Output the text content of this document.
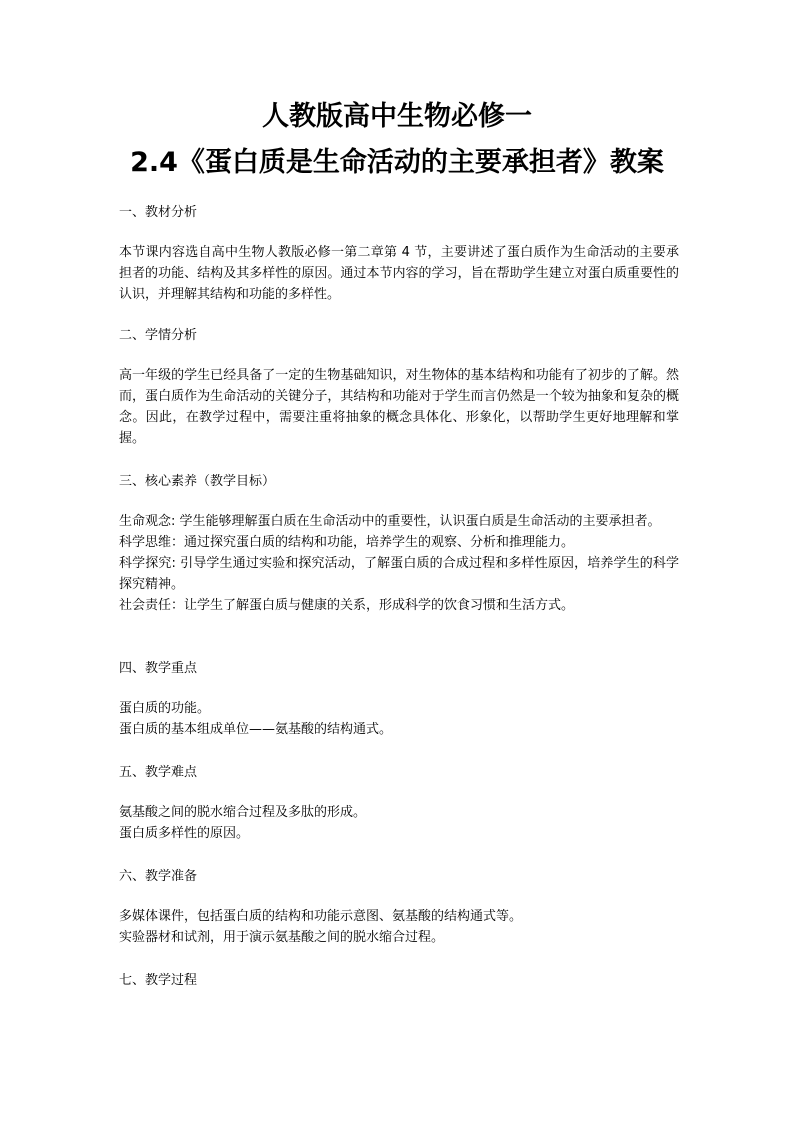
人教版高中生物必修一
2.4《蛋白质是生命活动的主要承担者》教案
一、教材分析

本节课内容选自高中生物人教版必修一第二章第 4 节，主要讲述了蛋白质作为生命活动的主要承担者的功能、结构及其多样性的原因。通过本节内容的学习，旨在帮助学生建立对蛋白质重要性的认识，并理解其结构和功能的多样性。

二、学情分析

高一年级的学生已经具备了一定的生物基础知识，对生物体的基本结构和功能有了初步的了解。然而，蛋白质作为生命活动的关键分子，其结构和功能对于学生而言仍然是一个较为抽象和复杂的概念。因此，在教学过程中，需要注重将抽象的概念具体化、形象化，以帮助学生更好地理解和掌握。

三、核心素养（教学目标）

生命观念: 学生能够理解蛋白质在生命活动中的重要性，认识蛋白质是生命活动的主要承担者。

科学思维：通过探究蛋白质的结构和功能，培养学生的观察、分析和推理能力。

科学探究: 引导学生通过实验和探究活动，了解蛋白质的合成过程和多样性原因，培养学生的科学探究精神。

社会责任：让学生了解蛋白质与健康的关系，形成科学的饮食习惯和生活方式。

四、教学重点

蛋白质的功能。

蛋白质的基本组成单位——氨基酸的结构通式。

五、教学难点

氨基酸之间的脱水缩合过程及多肽的形成。

蛋白质多样性的原因。

六、教学准备

多媒体课件，包括蛋白质的结构和功能示意图、氨基酸的结构通式等。

实验器材和试剂，用于演示氨基酸之间的脱水缩合过程。

七、教学过程
